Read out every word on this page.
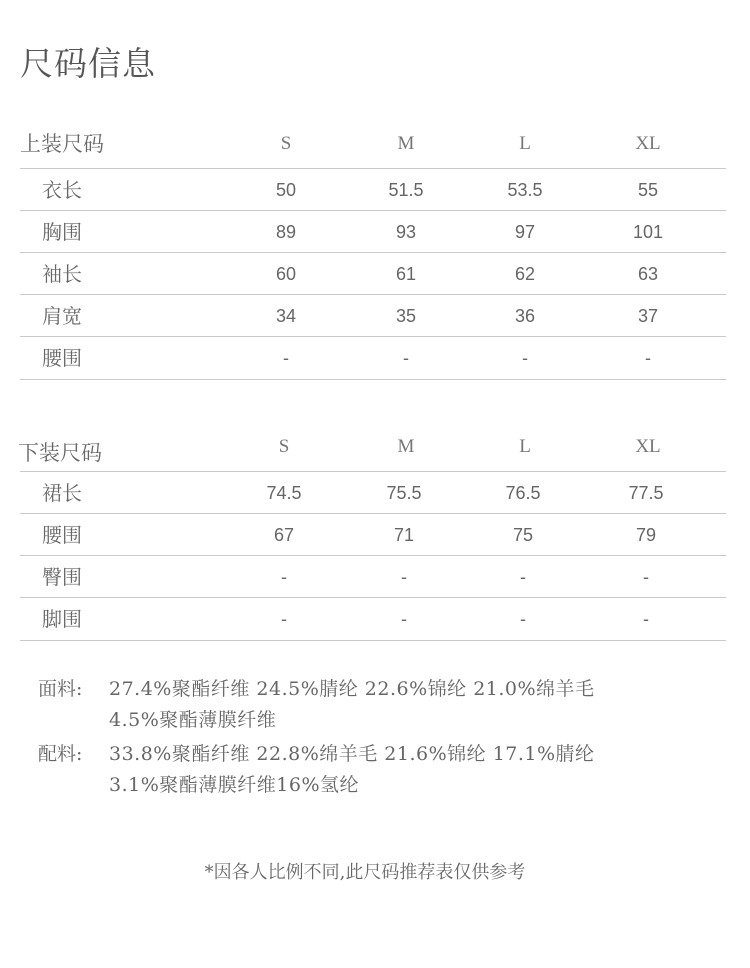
尺码信息
上装尺码	S	M	L	XL
衣长	50	51.5	53.5	55
胸围	89	93	97	101
袖长	60	61	62	63
肩宽	34	35	36	37
腰围	-	-	-	-
下装尺码	S	M	L	XL
裙长	74.5	75.5	76.5	77.5
腰围	67	71	75	79
臀围	-	-	-	-
脚围	-	-	-	-
面料: 27.4%聚酯纤维 24.5%腈纶 22.6%锦纶 21.0%绵羊毛
4.5%聚酯薄膜纤维
配料: 33.8%聚酯纤维 22.8%绵羊毛 21.6%锦纶 17.1%腈纶
3.1%聚酯薄膜纤维16%氢纶
*因各人比例不同,此尺码推荐表仅供参考
